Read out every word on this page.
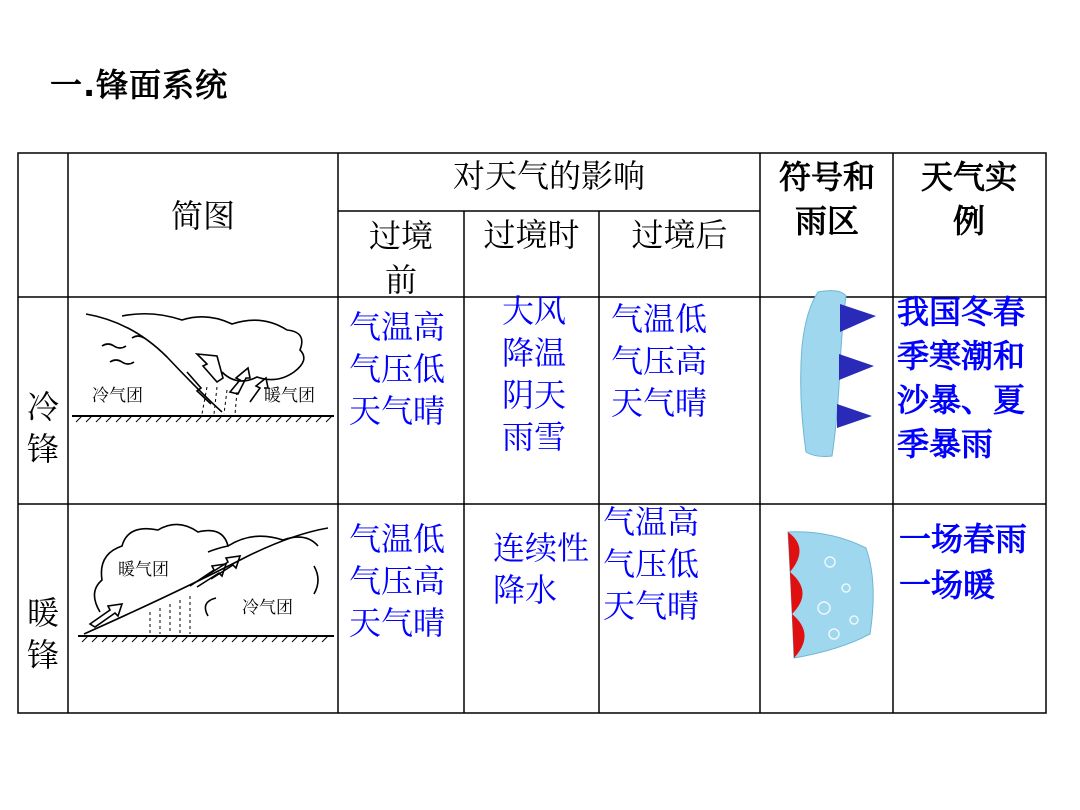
一.锋面系统
简图
对天气的影响
过境前
过境时	过境后
符号和雨区
天气实例
冷锋
暖锋
冷气团	暖气团
暖气团
冷气团
气温高
气压低
天气晴
大风
降温
阴天
雨雪
气温低
气压高
天气晴
我国冬春
季寒潮和
沙暴、夏
季暴雨
气温低
气压高
天气晴
连续性
降水
气温高
气压低
天气晴
一场春雨
一场暖
